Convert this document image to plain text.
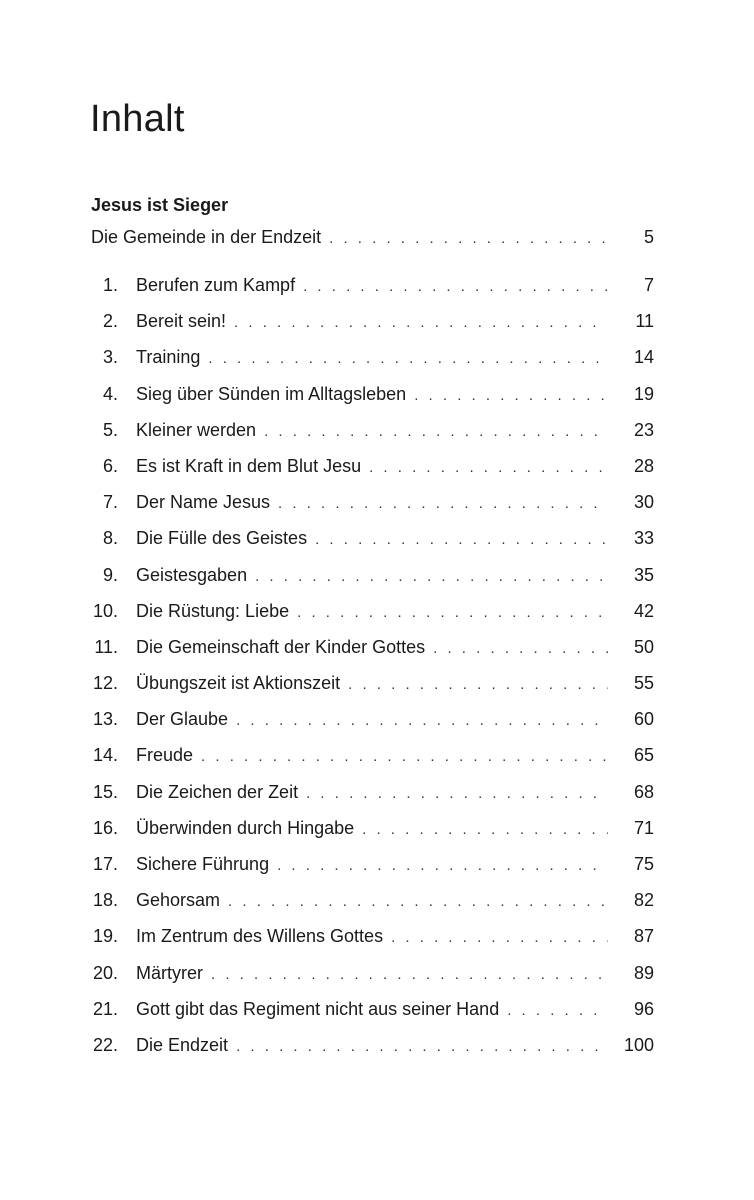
Inhalt
Jesus ist Sieger
Die Gemeinde in der Endzeit . . .	5
1. Berufen zum Kampf . . .	7
2. Bereit sein! . . .	11
3. Training . . .	14
4. Sieg über Sünden im Alltagsleben . . .	19
5. Kleiner werden . . .	23
6. Es ist Kraft in dem Blut Jesu . . .	28
7. Der Name Jesus . . .	30
8. Die Fülle des Geistes . . .	33
9. Geistesgaben . . .	35
10. Die Rüstung: Liebe . . .	42
11. Die Gemeinschaft der Kinder Gottes . . .	50
12. Übungszeit ist Aktionszeit . . .	55
13. Der Glaube . . .	60
14. Freude . . .	65
15. Die Zeichen der Zeit . . .	68
16. Überwinden durch Hingabe . . .	71
17. Sichere Führung . . .	75
18. Gehorsam . . .	82
19. Im Zentrum des Willens Gottes . . .	87
20. Märtyrer . . .	89
21. Gott gibt das Regiment nicht aus seiner Hand . . .	96
22. Die Endzeit . . .	100
